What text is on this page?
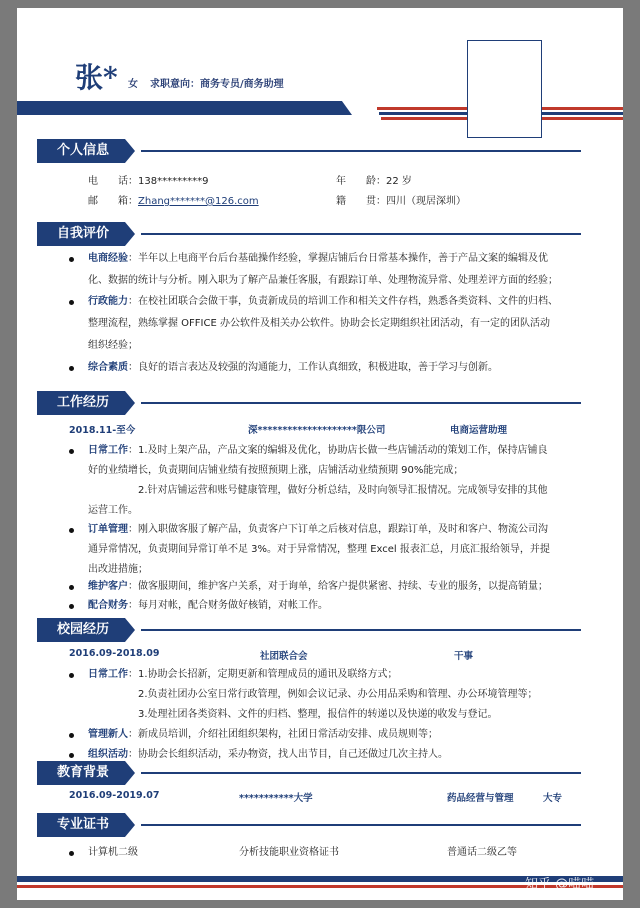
张* 女 求职意向：商务专员/商务助理
个人信息
电　　话：138*********9	年　　龄：22 岁
邮　　箱：Zhang*******@126.com	籍　　贯：四川（现居深圳）
自我评价
电商经验：半年以上电商平台后台基础操作经验，掌握店铺后台日常基本操作，善于产品文案的编辑及优
化、数据的统计与分析。刚入职为了解产品兼任客服，有跟踪订单、处理物流异常、处理差评方面的经验；
行政能力：在校社团联合会做干事，负责新成员的培训工作和相关文件存档，熟悉各类资料、文件的归档、
整理流程，熟练掌握 OFFICE 办公软件及相关办公软件。协助会长定期组织社团活动，有一定的团队活动
组织经验；
综合素质：良好的语言表达及较强的沟通能力，工作认真细致，积极进取，善于学习与创新。
工作经历
2018.11-至今	深********************限公司	电商运营助理
日常工作：1.及时上架产品，产品文案的编辑及优化，协助店长做一些店铺活动的策划工作，保持店铺良
好的业绩增长，负责期间店铺业绩有按照预期上涨，店铺活动业绩预期 90%能完成；
2.针对店铺运营和账号健康管理，做好分析总结，及时向领导汇报情况。完成领导安排的其他
运营工作。
订单管理：刚入职做客服了解产品，负责客户下订单之后核对信息，跟踪订单，及时和客户、物流公司沟
通异常情况，负责期间异常订单不足 3%。对于异常情况，整理 Excel 报表汇总，月底汇报给领导，并提
出改进措施；
维护客户：做客服期间，维护客户关系，对于询单，给客户提供紧密、持续、专业的服务，以提高销量；
配合财务：每月对帐，配合财务做好核销，对帐工作。
校园经历
2016.09-2018.09	社团联合会	干事
日常工作：1.协助会长招新，定期更新和管理成员的通讯及联络方式；
2.负责社团办公室日常行政管理，例如会议记录、办公用品采购和管理、办公环境管理等；
3.处理社团各类资料、文件的归档、整理，报信件的转递以及快递的收发与登记。
管理新人：新成员培训，介绍社团组织架构，社团日常活动安排、成员规则等；
组织活动：协助会长组织活动，采办物资，找人出节目，自己还做过几次主持人。
教育背景
2016.09-2019.07	***********大学	药品经营与管理	大专
专业证书
计算机二级	分析技能职业资格证书	普通话二级乙等
知乎 @喵喵
